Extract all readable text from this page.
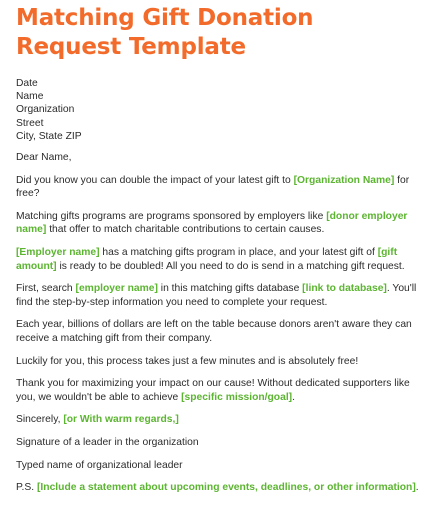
Matching Gift Donation
Request Template
Date
Name
Organization
Street
City, State ZIP

Dear Name,

Did you know you can double the impact of your latest gift to [Organization Name] for free?

Matching gifts programs are programs sponsored by employers like [donor employer name] that offer to match charitable contributions to certain causes.

[Employer name] has a matching gifts program in place, and your latest gift of [gift amount] is ready to be doubled! All you need to do is send in a matching gift request.

First, search [employer name] in this matching gifts database [link to database]. You'll find the step-by-step information you need to complete your request.

Each year, billions of dollars are left on the table because donors aren't aware they can receive a matching gift from their company.

Luckily for you, this process takes just a few minutes and is absolutely free!

Thank you for maximizing your impact on our cause! Without dedicated supporters like you, we wouldn't be able to achieve [specific mission/goal].

Sincerely, [or With warm regards,]

Signature of a leader in the organization

Typed name of organizational leader

P.S. [Include a statement about upcoming events, deadlines, or other information].
